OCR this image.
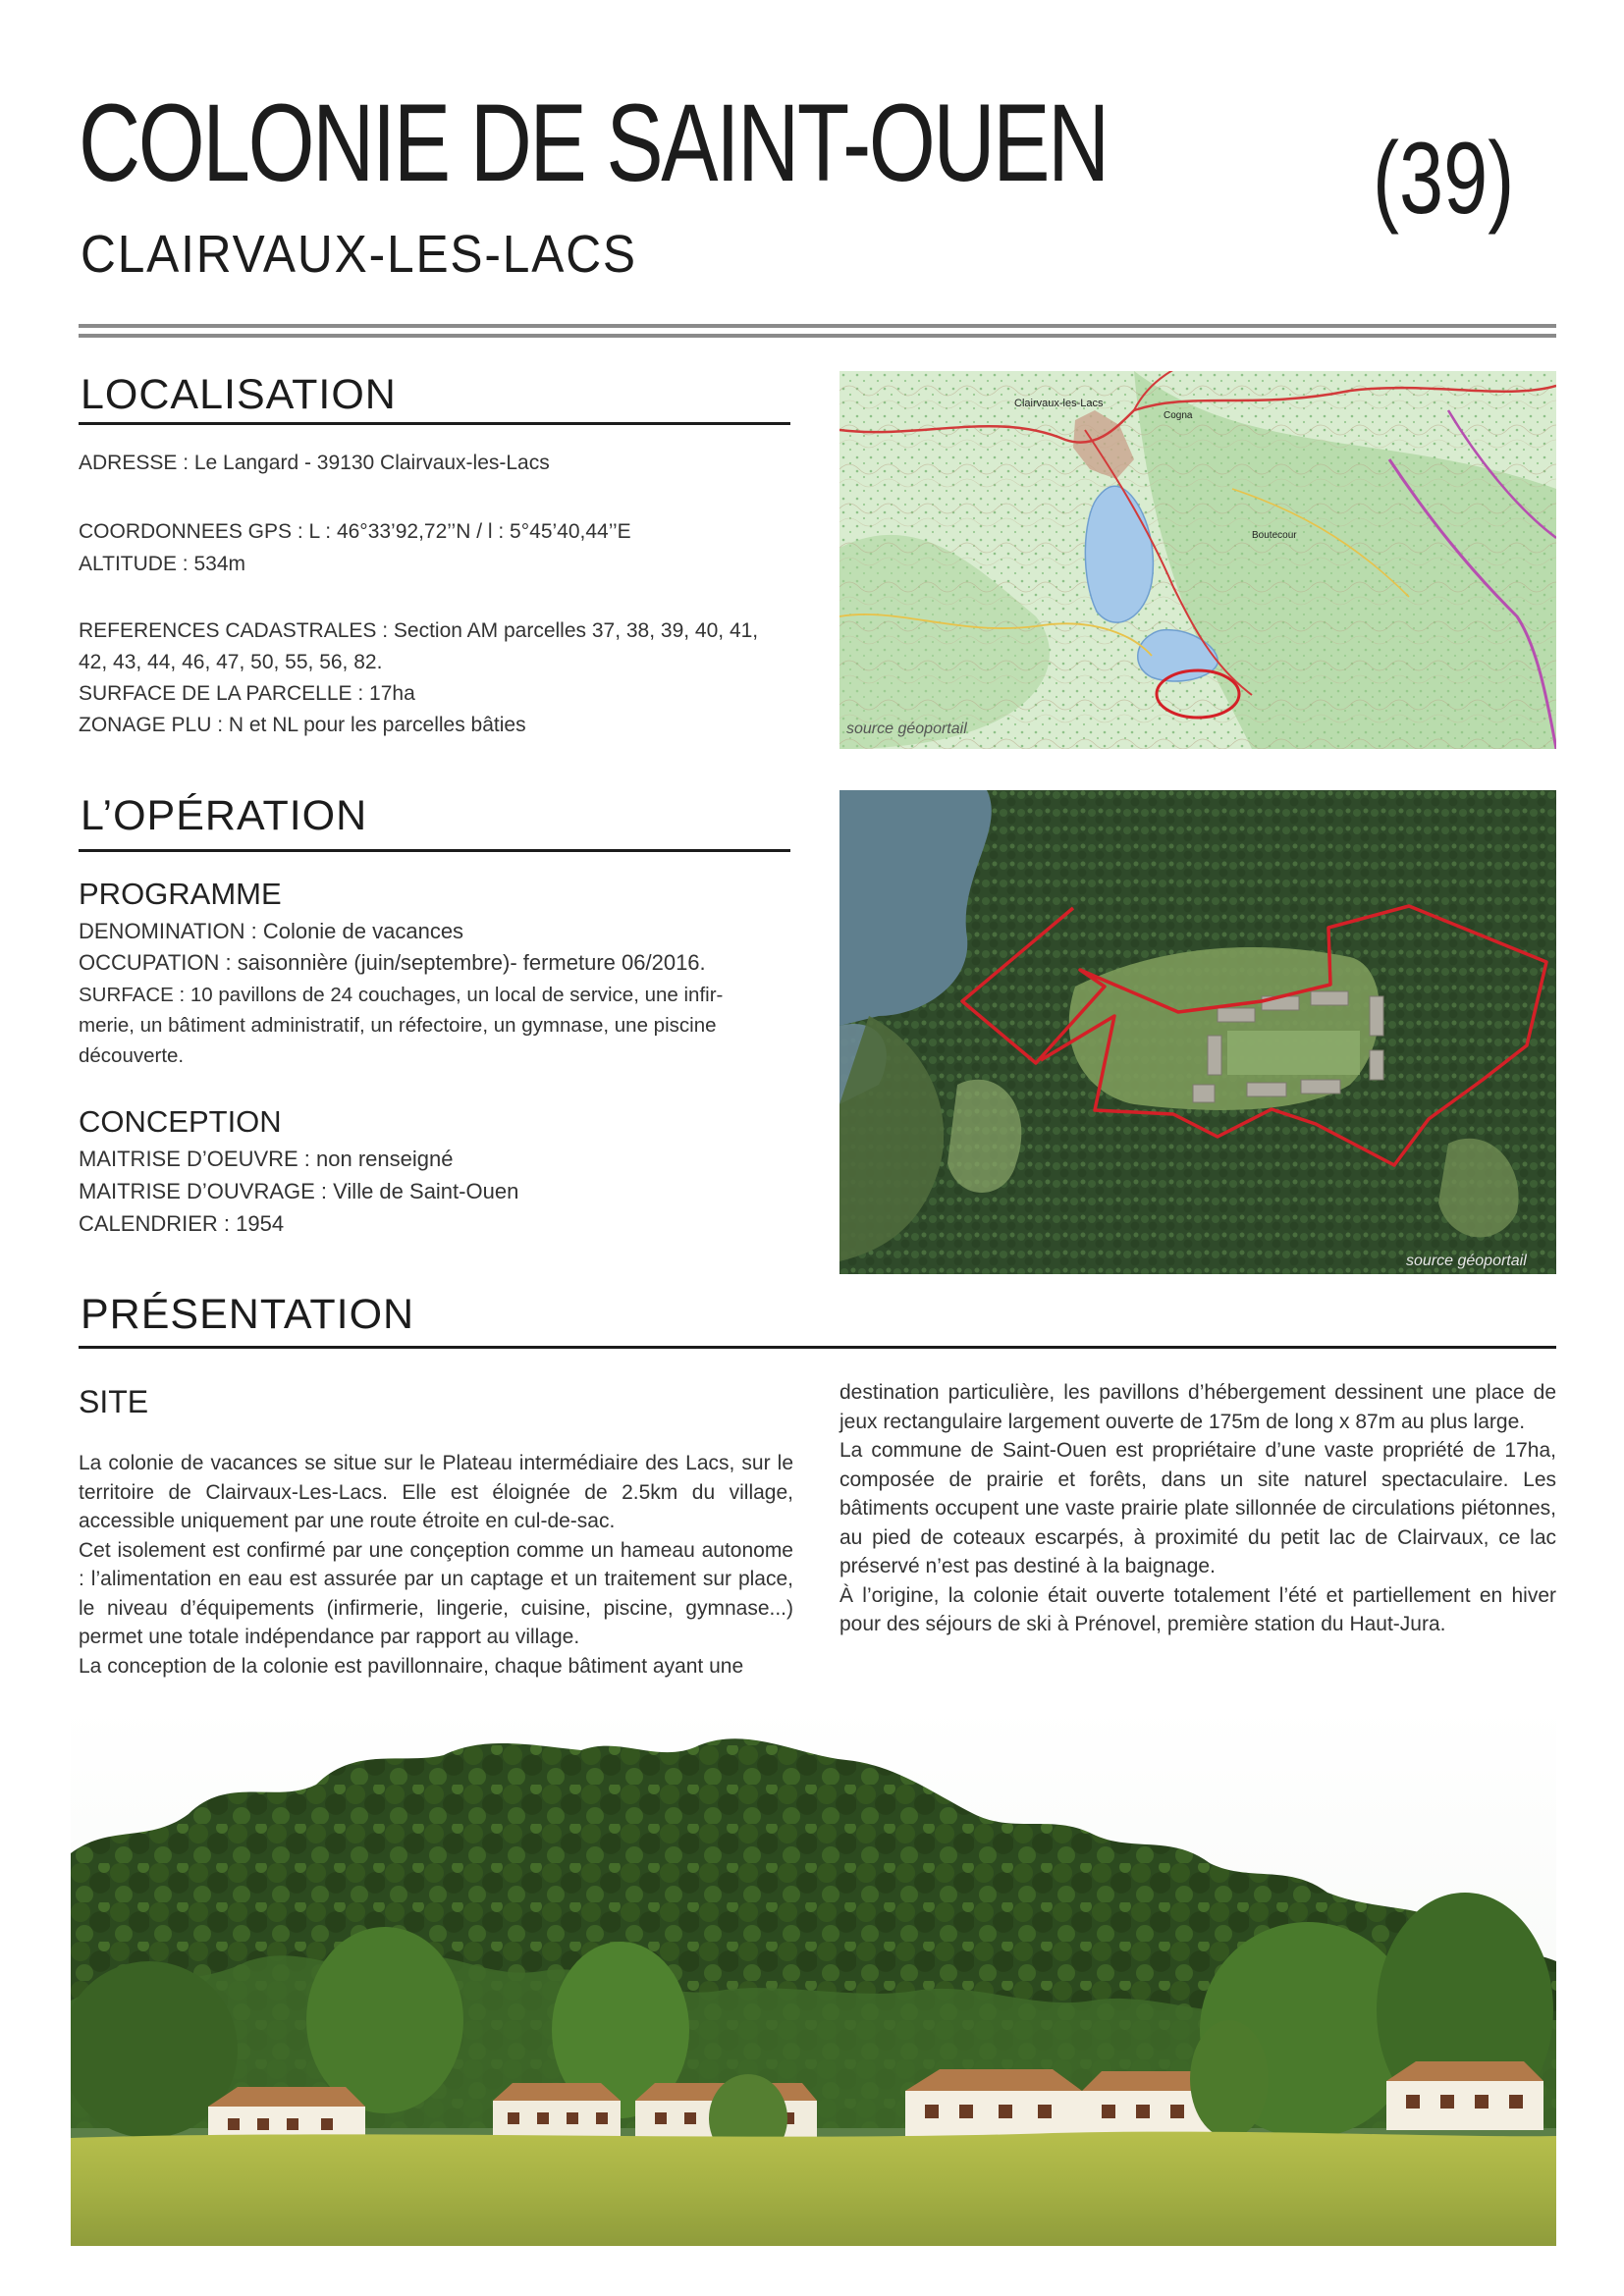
COLONIE DE SAINT-OUEN
CLAIRVAUX-LES-LACS
(39)
LOCALISATION
ADRESSE : Le Langard - 39130 Clairvaux-les-Lacs
COORDONNEES GPS : L : 46°33’92,72’’N / l : 5°45’40,44’’E
ALTITUDE : 534m
REFERENCES CADASTRALES : Section AM parcelles 37, 38, 39, 40, 41,
42, 43, 44, 46, 47, 50, 55, 56, 82.
SURFACE DE LA PARCELLE : 17ha
ZONAGE PLU : N et NL pour les parcelles bâties
Clairvaux-les-Lacs
Cogna
Boutecour
source géoportail
L’OPÉRATION
PROGRAMME
DENOMINATION : Colonie de vacances
OCCUPATION : saisonnière (juin/septembre)- fermeture 06/2016.
SURFACE : 10 pavillons de 24 couchages, un local de service, une infir-
merie, un bâtiment administratif, un réfectoire, un gymnase, une piscine
découverte.
CONCEPTION
MAITRISE D’OEUVRE : non renseigné
MAITRISE D’OUVRAGE : Ville de Saint-Ouen
CALENDRIER : 1954
source géoportail
PRÉSENTATION
SITE

La colonie de vacances se situe sur le Plateau intermédiaire des Lacs, sur le territoire de Clairvaux-Les-Lacs. Elle est éloignée de 2.5km du village, accessible uniquement par une route étroite en cul-de-sac.

Cet isolement est confirmé par une conçeption comme un hameau autonome : l’alimentation en eau est assurée par un captage et un traitement sur place, le niveau d’équipements (infirmerie, lingerie, cuisine, piscine, gymnase...) permet une totale indépendance par rapport au village.

La conception de la colonie est pavillonnaire, chaque bâtiment ayant une

destination particulière, les pavillons d’hébergement dessinent une place de jeux rectangulaire largement ouverte de 175m de long x 87m au plus large.

La commune de Saint-Ouen est propriétaire d’une vaste propriété de 17ha, composée de prairie et forêts, dans un site naturel spectaculaire. Les bâtiments occupent une vaste prairie plate sillonnée de circulations piétonnes, au pied de coteaux escarpés, à proximité du petit lac de Clairvaux, ce lac préservé n’est pas destiné à la baignage.

À l’origine, la colonie était ouverte totalement l’été et partiellement en hiver pour des séjours de ski à Prénovel, première station du Haut-Jura.
